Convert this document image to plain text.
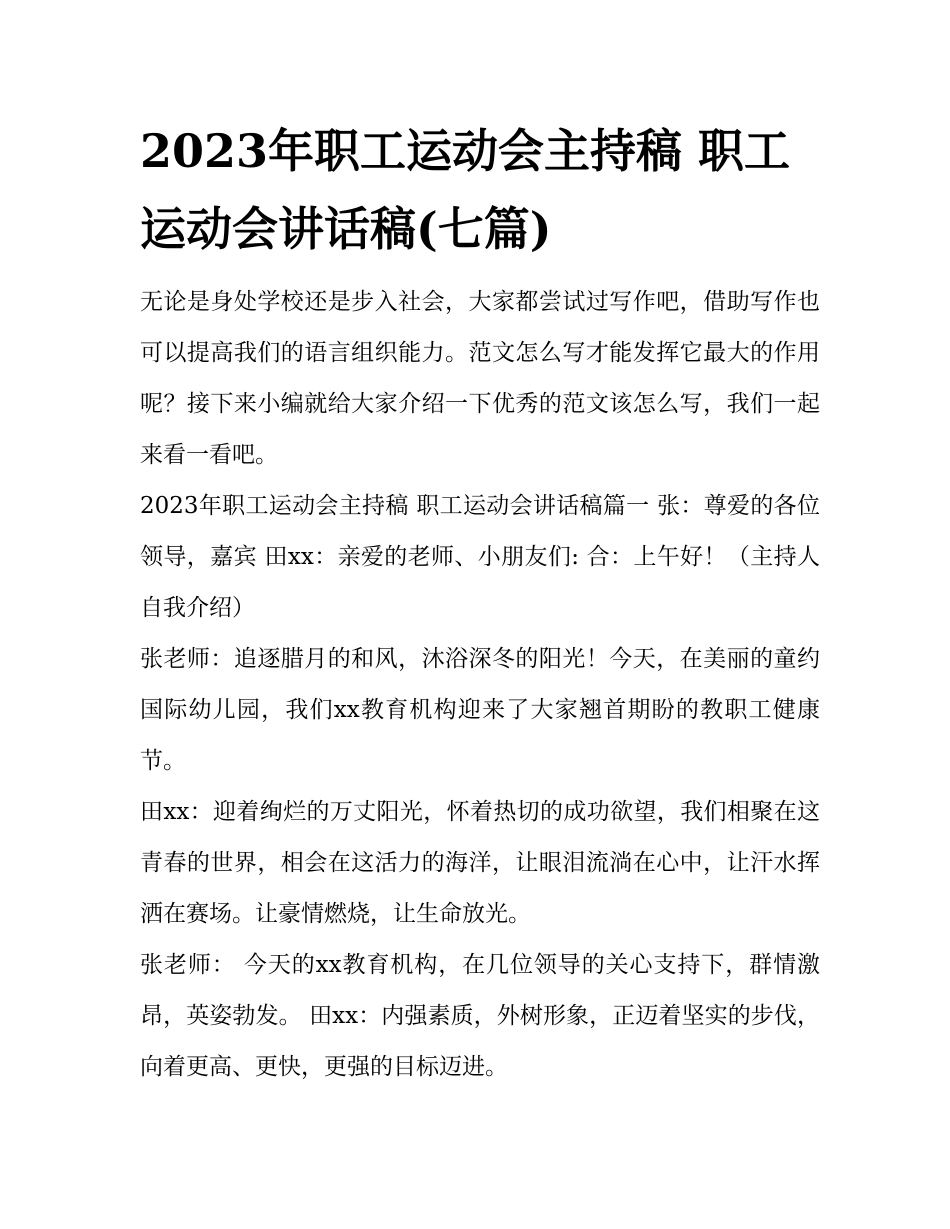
2023年职工运动会主持稿 职工运动会讲话稿(七篇)

无论是身处学校还是步入社会，大家都尝试过写作吧，借助写作也可以提高我们的语言组织能力。范文怎么写才能发挥它最大的作用呢？接下来小编就给大家介绍一下优秀的范文该怎么写，我们一起来看一看吧。

2023年职工运动会主持稿 职工运动会讲话稿篇一 张：尊爱的各位领导，嘉宾 田xx：亲爱的老师、小朋友们: 合：上午好！（主持人自我介绍）

张老师：追逐腊月的和风，沐浴深冬的阳光！今天，在美丽的童约国际幼儿园，我们xx教育机构迎来了大家翘首期盼的教职工健康节。

田xx：迎着绚烂的万丈阳光，怀着热切的成功欲望，我们相聚在这青春的世界，相会在这活力的海洋，让眼泪流淌在心中，让汗水挥洒在赛场。让豪情燃烧，让生命放光。

张老师： 今天的xx教育机构，在几位领导的关心支持下，群情激昂，英姿勃发。 田xx：内强素质，外树形象，正迈着坚实的步伐，向着更高、更快，更强的目标迈进。
